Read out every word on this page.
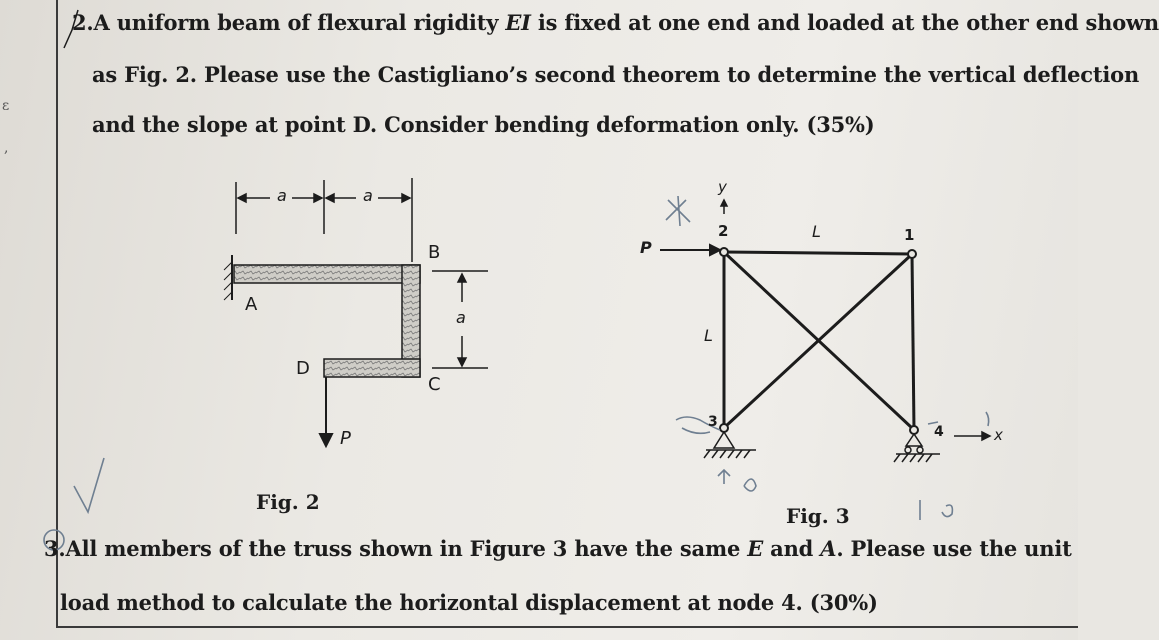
ɛ
,
2.A uniform beam of flexural rigidity EI is fixed at one end and loaded at the other end shown
as Fig. 2. Please use the Castigliano’s second theorem to determine the vertical deflection
and the slope at point D. Consider bending deformation only. (35%)
a	a
a
A
B
C
D
P
Fig. 2
y
2	L	1
P
L
3
4	x
Fig. 3
3.All members of the truss shown in Figure 3 have the same E and A. Please use the unit
load method to calculate the horizontal displacement at node 4. (30%)
